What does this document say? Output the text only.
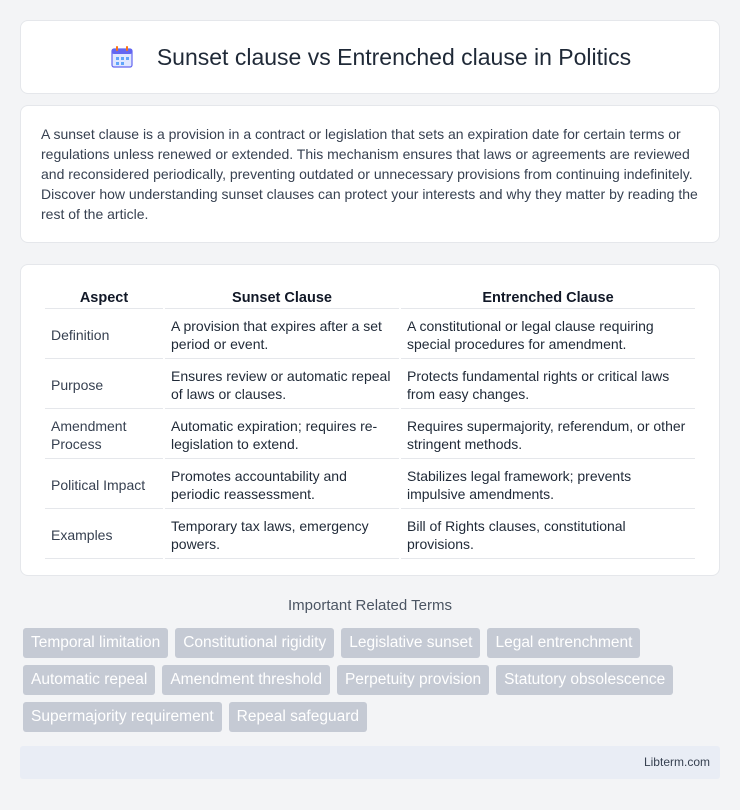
Sunset clause vs Entrenched clause in Politics

A sunset clause is a provision in a contract or legislation that sets an expiration date for certain terms or regulations unless renewed or extended. This mechanism ensures that laws or agreements are reviewed and reconsidered periodically, preventing outdated or unnecessary provisions from continuing indefinitely. Discover how understanding sunset clauses can protect your interests and why they matter by reading the rest of the article.

Aspect	Sunset Clause	Entrenched Clause
Definition	A provision that expires after a set period or event.	A constitutional or legal clause requiring special procedures for amendment.
Purpose	Ensures review or automatic repeal of laws or clauses.	Protects fundamental rights or critical laws from easy changes.
Amendment Process	Automatic expiration; requires re-legislation to extend.	Requires supermajority, referendum, or other stringent methods.
Political Impact	Promotes accountability and periodic reassessment.	Stabilizes legal framework; prevents impulsive amendments.
Examples	Temporary tax laws, emergency powers.	Bill of Rights clauses, constitutional provisions.
Important Related Terms
Temporal limitation	Constitutional rigidity	Legislative sunset	Legal entrenchment
Automatic repeal	Amendment threshold	Perpetuity provision	Statutory obsolescence
Supermajority requirement	Repeal safeguard
Libterm.com
